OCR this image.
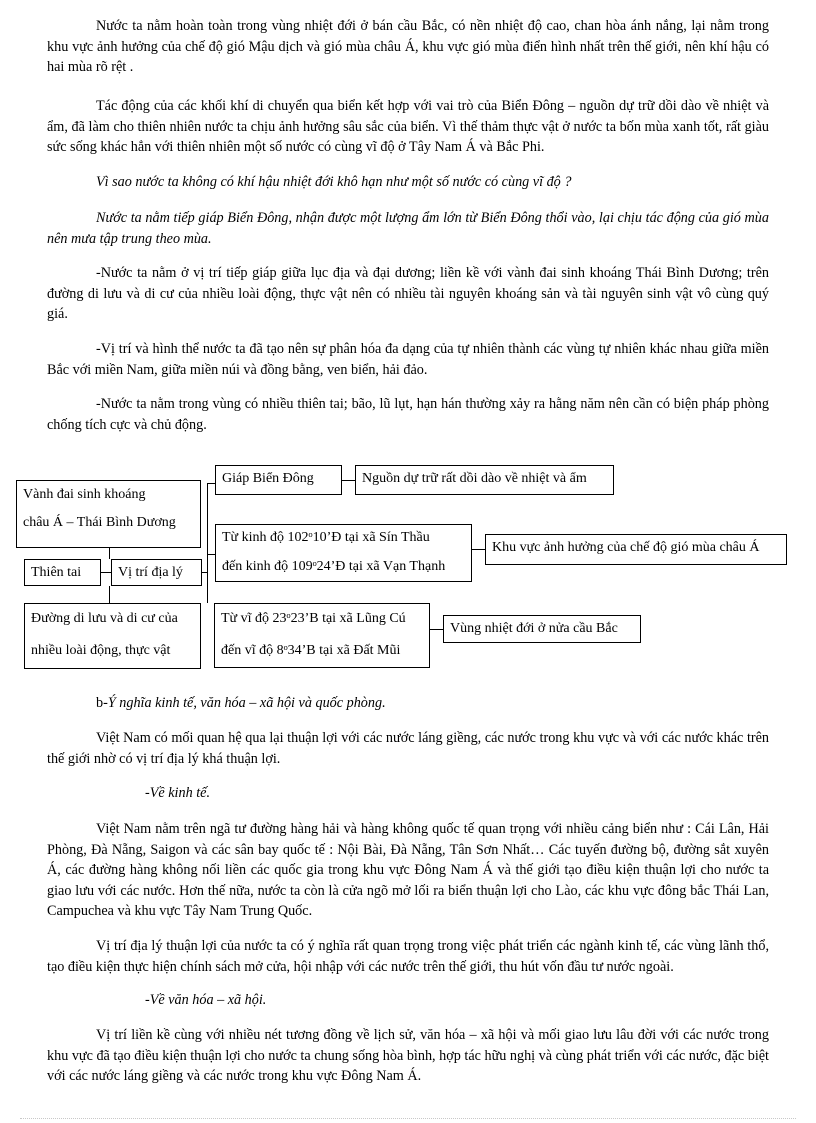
Nước ta nằm hoàn toàn trong vùng nhiệt đới ở bán cầu Bắc, có nền nhiệt độ cao, chan hòa ánh nắng, lại nằm trong khu vực ảnh hưởng của chế độ gió Mậu dịch và gió mùa châu Á, khu vực gió mùa điển hình nhất trên thế giới, nên khí hậu có hai mùa rõ rệt .

Tác động của các khối khí di chuyển qua biển kết hợp với vai trò của Biển Đông – nguồn dự trữ dồi dào về nhiệt và ẩm, đã làm cho thiên nhiên nước ta chịu ảnh hưởng sâu sắc của biển. Vì thế thảm thực vật ở nước ta bốn mùa xanh tốt, rất giàu sức sống khác hẳn với thiên nhiên một số nước có cùng vĩ độ ở Tây Nam Á và Bắc Phi.

Vì sao nước ta không có khí hậu nhiệt đới khô hạn như một số nước có cùng vĩ độ ?

Nước ta nằm tiếp giáp Biển Đông, nhận được một lượng ẩm lớn từ Biển Đông thổi vào, lại chịu tác động của gió mùa nên mưa tập trung theo mùa.

-Nước ta nằm ở vị trí tiếp giáp giữa lục địa và đại dương; liền kề với vành đai sinh khoáng Thái Bình Dương; trên đường di lưu và di cư của nhiều loài động, thực vật nên có nhiều tài nguyên khoáng sản và tài nguyên sinh vật vô cùng quý giá.

-Vị trí và hình thể nước ta đã tạo nên sự phân hóa đa dạng của tự nhiên thành các vùng tự nhiên khác nhau giữa miền Bắc với miền Nam, giữa miền núi và đồng bằng, ven biển, hải đảo.

-Nước ta nằm trong vùng có nhiều thiên tai; bão, lũ lụt, hạn hán thường xảy ra hằng năm nên cần có biện pháp phòng chống tích cực và chủ động.

Vành đai sinh khoáng
châu Á – Thái Bình Dương
Thiên tai	Vị trí địa lý
Đường di lưu và di cư của
nhiều loài động, thực vật
Giáp Biển Đông	Nguồn dự trữ rất dồi dào về nhiệt và ẩm
Từ kinh độ 102ᵒ10’Đ tại xã Sín Thầu
đến kinh độ 109ᵒ24’Đ tại xã Vạn Thạnh
Khu vực ảnh hưởng của chế độ gió mùa châu Á
Từ vĩ độ 23ᵒ23’B tại xã Lũng Cú
đến vĩ độ 8ᵒ34’B tại xã Đất Mũi
Vùng nhiệt đới ở nửa cầu Bắc

b-Ý nghĩa kinh tế, văn hóa – xã hội và quốc phòng.

Việt Nam có mối quan hệ qua lại thuận lợi với các nước láng giềng, các nước trong khu vực và với các nước khác trên thế giới nhờ có vị trí địa lý khá thuận lợi.

-Về kinh tế.

Việt Nam nằm trên ngã tư đường hàng hải và hàng không quốc tế quan trọng với nhiều cảng biển như : Cái Lân, Hải Phòng, Đà Nẵng, Saigon và các sân bay quốc tế : Nội Bài, Đà Nẵng, Tân Sơn Nhất… Các tuyến đường bộ, đường sắt xuyên Á, các đường hàng không nối liền các quốc gia trong khu vực Đông Nam Á và thế giới tạo điều kiện thuận lợi cho nước ta giao lưu với các nước. Hơn thế nữa, nước ta còn là cửa ngõ mở lối ra biển thuận lợi cho Lào, các khu vực đông bắc Thái Lan, Campuchea và khu vực Tây Nam Trung Quốc.

Vị trí địa lý thuận lợi của nước ta có ý nghĩa rất quan trọng trong việc phát triển các ngành kinh tế, các vùng lãnh thổ, tạo điều kiện thực hiện chính sách mở cửa, hội nhập với các nước trên thế giới, thu hút vốn đầu tư nước ngoài.

-Về văn hóa – xã hội.

Vị trí liền kề cùng với nhiều nét tương đồng về lịch sử, văn hóa – xã hội và mối giao lưu lâu đời với các nước trong khu vực đã tạo điều kiện thuận lợi cho nước ta chung sống hòa bình, hợp tác hữu nghị và cùng phát triển với các nước, đặc biệt với các nước láng giềng và các nước trong khu vực Đông Nam Á.
